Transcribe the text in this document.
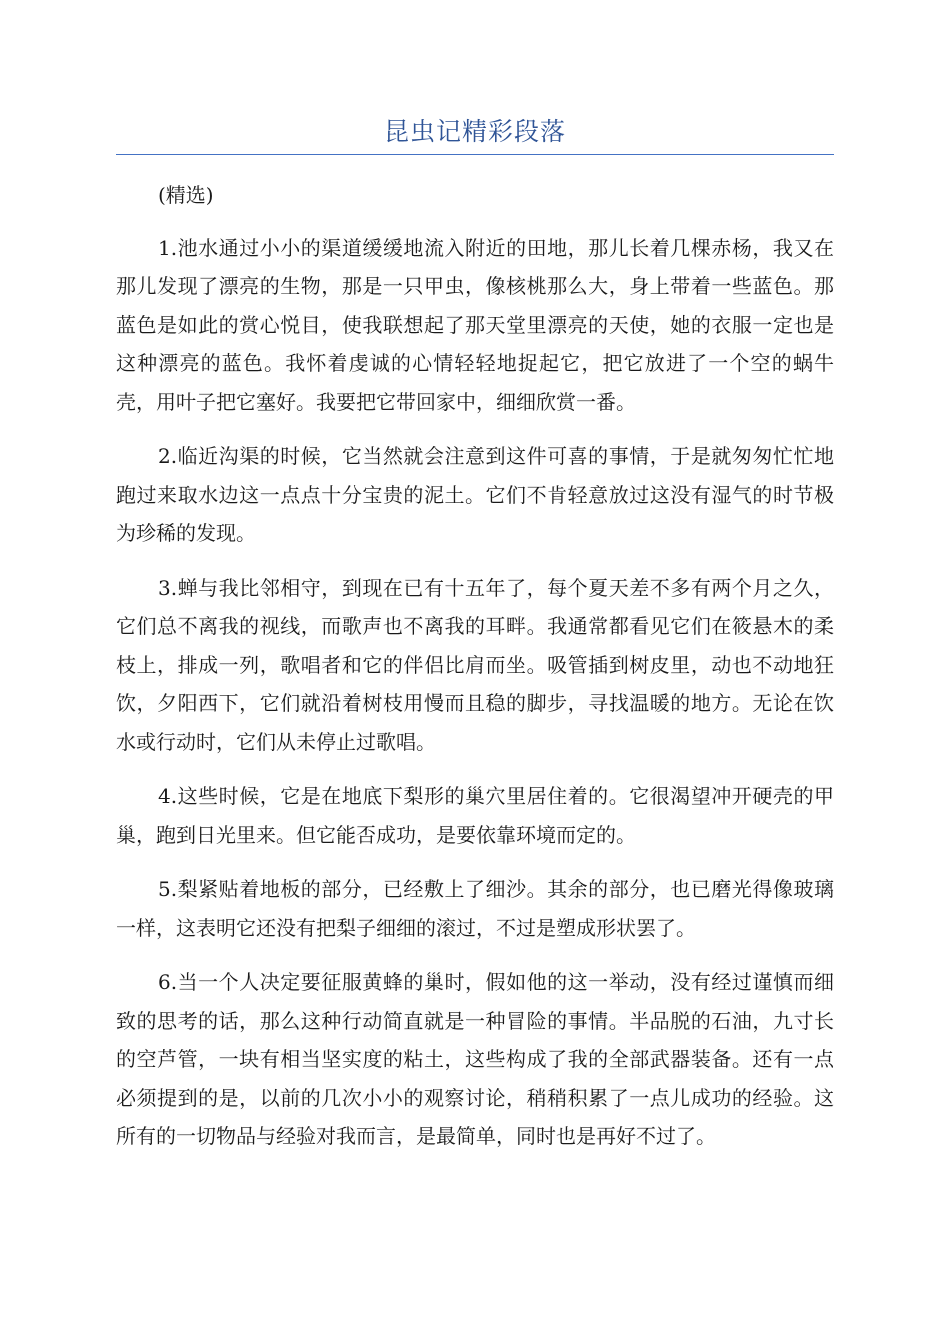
昆虫记精彩段落

(精选)

1.池水通过小小的渠道缓缓地流入附近的田地，那儿长着几棵赤杨，我又在那儿发现了漂亮的生物，那是一只甲虫，像核桃那么大，身上带着一些蓝色。那蓝色是如此的赏心悦目，使我联想起了那天堂里漂亮的天使，她的衣服一定也是这种漂亮的蓝色。我怀着虔诚的心情轻轻地捉起它，把它放进了一个空的蜗牛壳，用叶子把它塞好。我要把它带回家中，细细欣赏一番。

2.临近沟渠的时候，它当然就会注意到这件可喜的事情，于是就匆匆忙忙地跑过来取水边这一点点十分宝贵的泥土。它们不肯轻意放过这没有湿气的时节极为珍稀的发现。

3.蝉与我比邻相守，到现在已有十五年了，每个夏天差不多有两个月之久，它们总不离我的视线，而歌声也不离我的耳畔。我通常都看见它们在筱悬木的柔枝上，排成一列，歌唱者和它的伴侣比肩而坐。吸管插到树皮里，动也不动地狂饮，夕阳西下，它们就沿着树枝用慢而且稳的脚步，寻找温暖的地方。无论在饮水或行动时，它们从未停止过歌唱。

4.这些时候，它是在地底下梨形的巢穴里居住着的。它很渴望冲开硬壳的甲巢，跑到日光里来。但它能否成功，是要依靠环境而定的。

5.梨紧贴着地板的部分，已经敷上了细沙。其余的部分，也已磨光得像玻璃一样，这表明它还没有把梨子细细的滚过，不过是塑成形状罢了。

6.当一个人决定要征服黄蜂的巢时，假如他的这一举动，没有经过谨慎而细致的思考的话，那么这种行动简直就是一种冒险的事情。半品脱的石油，九寸长的空芦管，一块有相当坚实度的粘土，这些构成了我的全部武器装备。还有一点必须提到的是，以前的几次小小的观察讨论，稍稍积累了一点儿成功的经验。这所有的一切物品与经验对我而言，是最简单，同时也是再好不过了。
